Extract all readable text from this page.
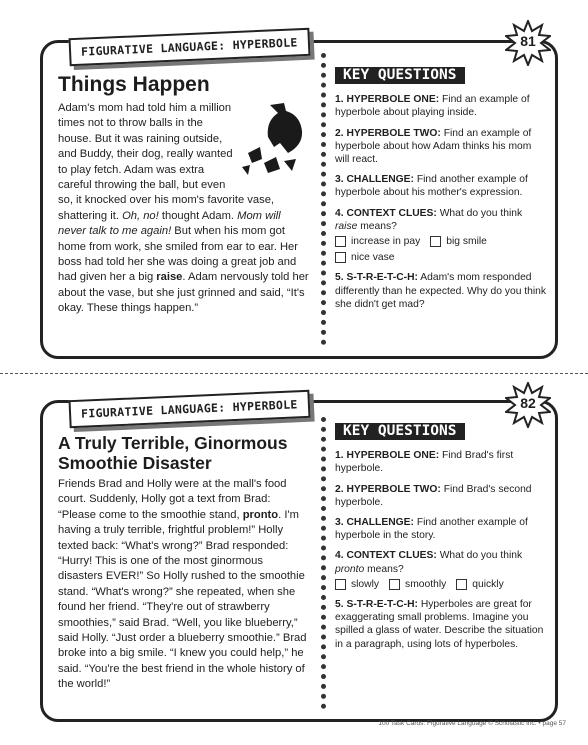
FIGURATIVE LANGUAGE: HYPERBOLE
Things Happen

Adam's mom had told him a million times not to throw balls in the house. But it was raining outside, and Buddy, their dog, really wanted to play fetch. Adam was extra careful throwing the ball, but even so, it knocked over his mom's favorite vase, shattering it. Oh, no! thought Adam. Mom will never talk to me again! But when his mom got home from work, she smiled from ear to ear. Her boss had told her she was doing a great job and had given her a big raise. Adam nervously told her about the vase, but she just grinned and said, “It's okay. These things happen.”

KEY QUESTIONS
1. HYPERBOLE ONE: Find an example of hyperbole about playing inside.
2. HYPERBOLE TWO: Find an example of hyperbole about how Adam thinks his mom will react.
3. CHALLENGE: Find another example of hyperbole about his mother's expression.
4. CONTEXT CLUES: What do you think
raise means?
increase in pay	big smile
nice vase
5. S-T-R-E-T-C-H: Adam's mom responded differently than he expected. Why do you think she didn't get mad?
81
FIGURATIVE LANGUAGE: HYPERBOLE
A Truly Terrible, Ginormous Smoothie Disaster

Friends Brad and Holly were at the mall's food court. Suddenly, Holly got a text from Brad: “Please come to the smoothie stand, pronto. I'm having a truly terrible, frightful problem!” Holly texted back: “What's wrong?” Brad responded: “Hurry! This is one of the most ginormous disasters EVER!” So Holly rushed to the smoothie stand. “What's wrong?” she repeated, when she found her friend. “They're out of strawberry smoothies,” said Brad. “Well, you like blueberry,” said Holly. “Just order a blueberry smoothie.” Brad broke into a big smile. “I knew you could help,” he said. “You're the best friend in the whole history of the world!”

KEY QUESTIONS
1. HYPERBOLE ONE: Find Brad's first hyperbole.
2. HYPERBOLE TWO: Find Brad's second hyperbole.
3. CHALLENGE: Find another example of hyperbole in the story.
4. CONTEXT CLUES: What do you think
pronto means?
slowly	smoothly	quickly
5. S-T-R-E-T-C-H: Hyperboles are great for exaggerating small problems. Imagine you spilled a glass of water. Describe the situation in a paragraph, using lots of hyperboles.
82
100 Task Cards: Figurative Language © Scholastic Inc. • page 57
